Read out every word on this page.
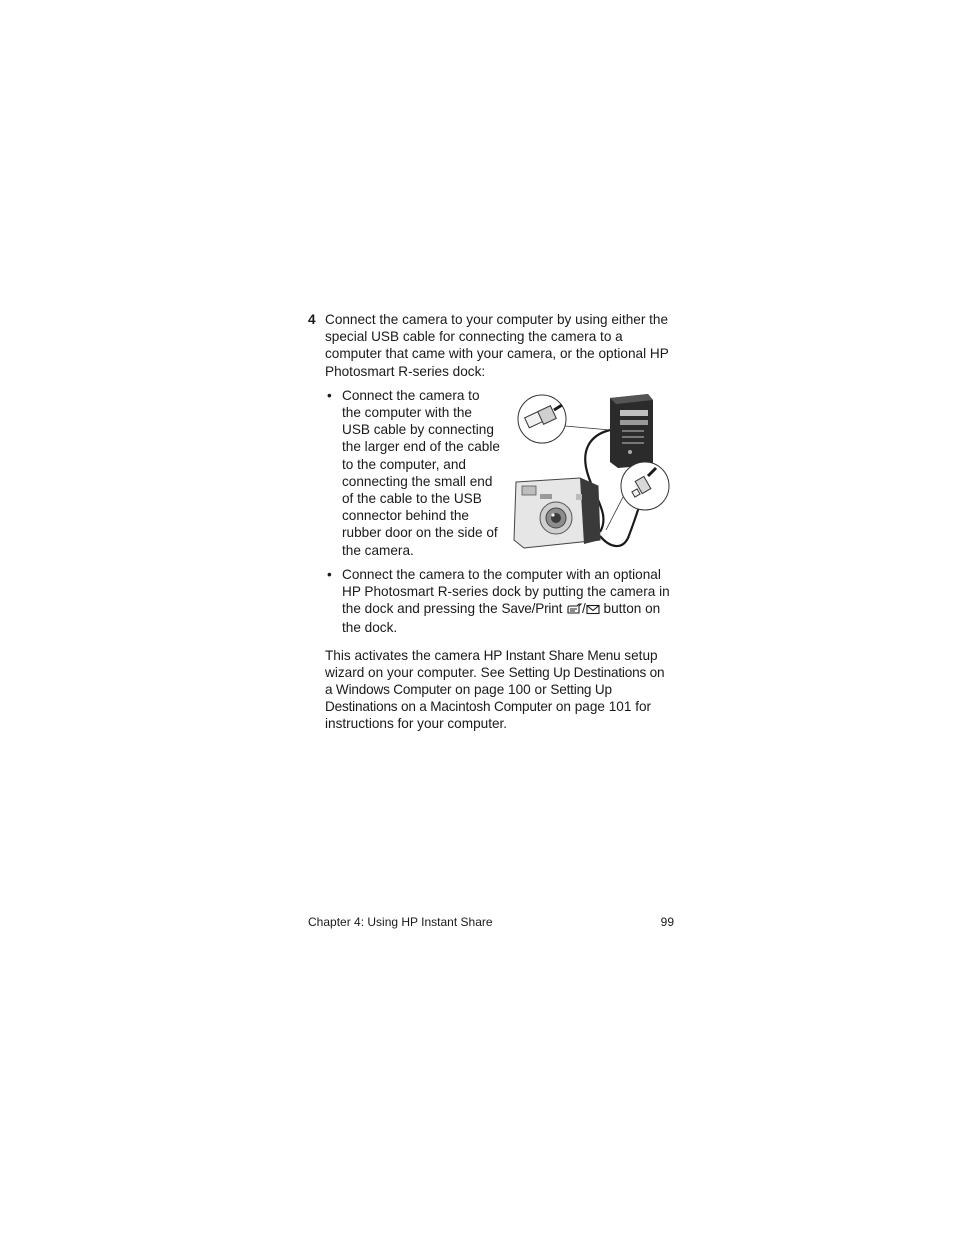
4 Connect the camera to your computer by using either the special USB cable for connecting the camera to a computer that came with your camera, or the optional HP Photosmart R-series dock:
• Connect the camera to the computer with the USB cable by connecting the larger end of the cable to the computer, and connecting the small end of the cable to the USB connector behind the rubber door on the side of the camera.
• Connect the camera to the computer with an optional HP Photosmart R-series dock by putting the camera in the dock and pressing the Save/Print / button on the dock.
This activates the camera HP Instant Share Menu setup wizard on your computer. See Setting Up Destinations on a Windows Computer on page 100 or Setting Up Destinations on a Macintosh Computer on page 101 for instructions for your computer.
Chapter 4: Using HP Instant Share	99
